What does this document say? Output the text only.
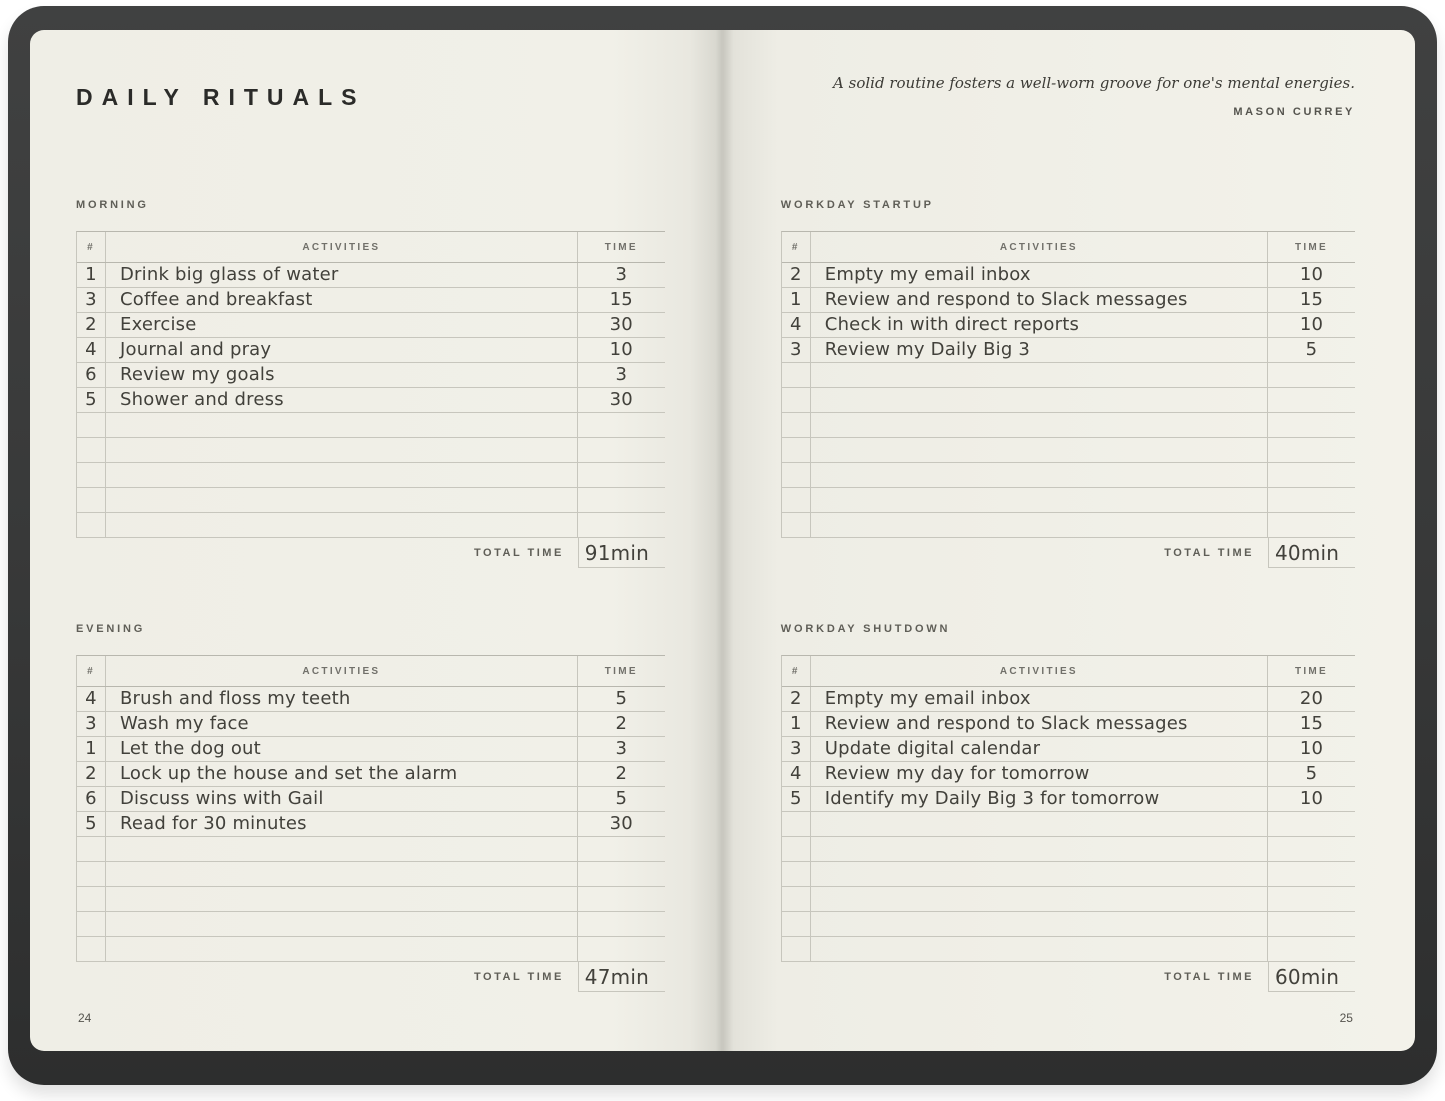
DAILY RITUALS
MORNING
#	ACTIVITIES	TIME
1	Drink big glass of water	3
3	Coffee and breakfast	15
2	Exercise	30
4	Journal and pray	10
6	Review my goals	3
5	Shower and dress	30
TOTAL TIME	91min
EVENING
#	ACTIVITIES	TIME
4	Brush and floss my teeth	5
3	Wash my face	2
1	Let the dog out	3
2	Lock up the house and set the alarm	2
6	Discuss wins with Gail	5
5	Read for 30 minutes	30
TOTAL TIME	47min
24
A solid routine fosters a well-worn groove for one's mental energies.
MASON CURREY
WORKDAY STARTUP
#	ACTIVITIES	TIME
2	Empty my email inbox	10
1	Review and respond to Slack messages	15
4	Check in with direct reports	10
3	Review my Daily Big 3	5
TOTAL TIME	40min
WORKDAY SHUTDOWN
#	ACTIVITIES	TIME
2	Empty my email inbox	20
1	Review and respond to Slack messages	15
3	Update digital calendar	10
4	Review my day for tomorrow	5
5	Identify my Daily Big 3 for tomorrow	10
TOTAL TIME	60min
25
